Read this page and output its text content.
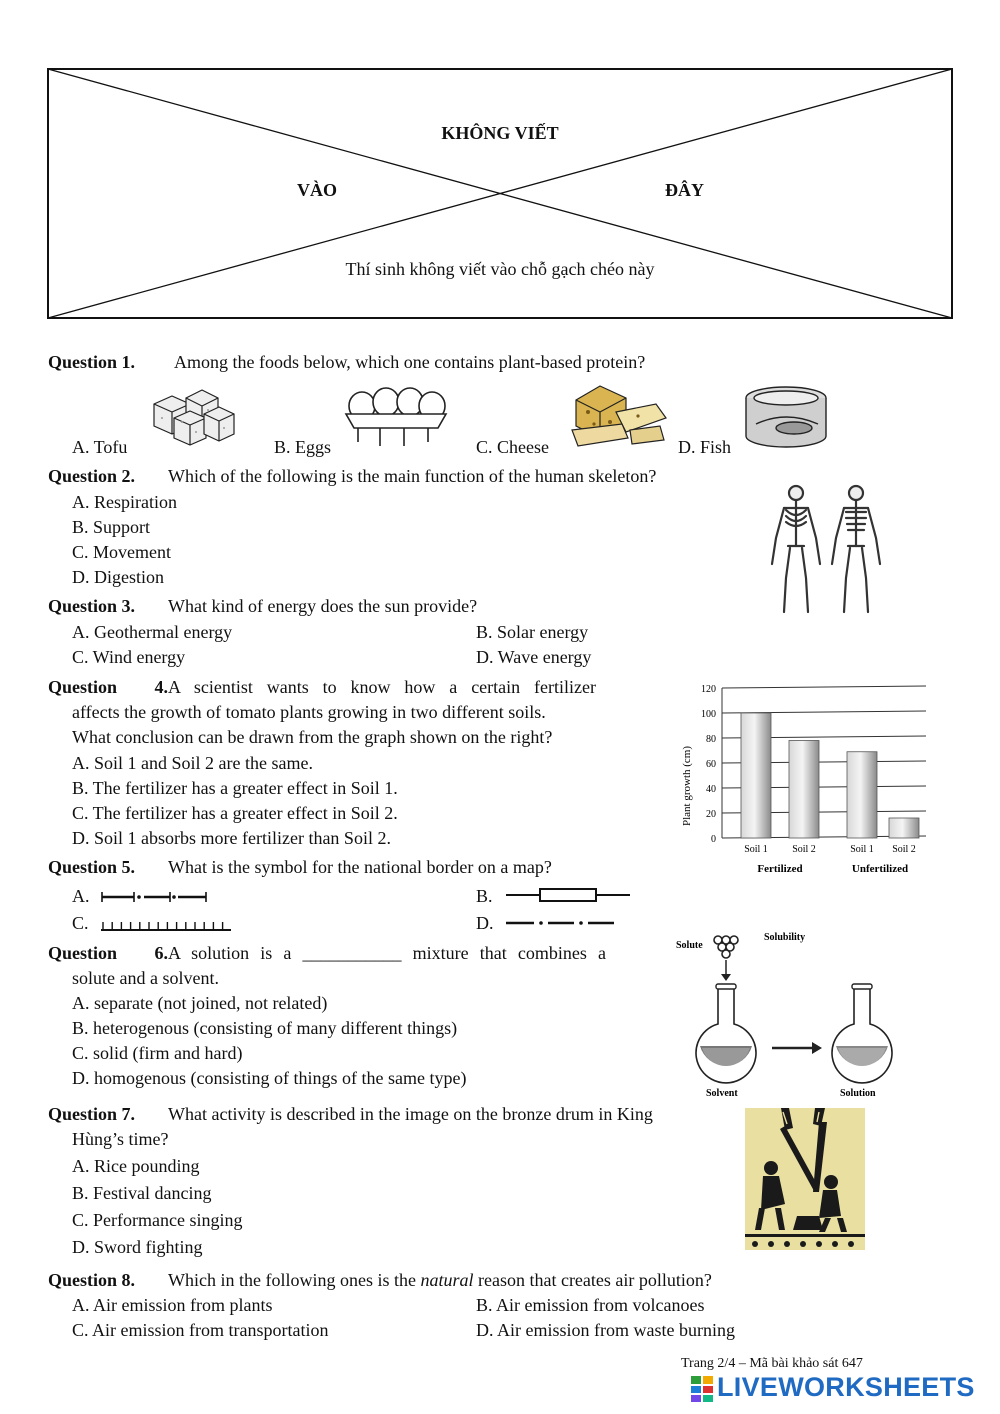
KHÔNG VIẾT
VÀO	ĐÂY
Thí sinh không viết vào chỗ gạch chéo này
Question 1. Among the foods below, which one contains plant-based protein?
A. Tofu	B. Eggs	C. Cheese	D. Fish
Question 2. Which of the following is the main function of the human skeleton?
A. Respiration
B. Support
C. Movement
D. Digestion
Question 3. What kind of energy does the sun provide?
A. Geothermal energy	B. Solar energy
C. Wind energy	D. Wave energy
Question 4.A scientist wants to know how a certain fertilizer
affects the growth of tomato plants growing in two different soils.
What conclusion can be drawn from the graph shown on the right?
A. Soil 1 and Soil 2 are the same.
B. The fertilizer has a greater effect in Soil 1.
C. The fertilizer has a greater effect in Soil 2.
D. Soil 1 absorbs more fertilizer than Soil 2.	0
20
40
60
80
100
120
Soil 1 Soil 2	Soil 1 Soil 2
Plant growth (cm)
Fertilized	Unfertilized
Question 5. What is the symbol for the national border on a map?
A.	B.
C.	D.
Question 6.A solution is a ___________ mixture that combines a
solute and a solvent.
A. separate (not joined, not related)
B. heterogenous (consisting of many different things)
C. solid (firm and hard)
D. homogenous (consisting of things of the same type)
Solute
Solubility
Solvent	Solution
Question 7. What activity is described in the image on the bronze drum in King
Hùng’s time?
A. Rice pounding
B. Festival dancing
C. Performance singing
D. Sword fighting
Question 8. Which in the following ones is the natural reason that creates air pollution?
A. Air emission from plants	B. Air emission from volcanoes
C. Air emission from transportation	D. Air emission from waste burning
Trang 2/4 – Mã bài khảo sát 647
LIVEWORKSHEETS
